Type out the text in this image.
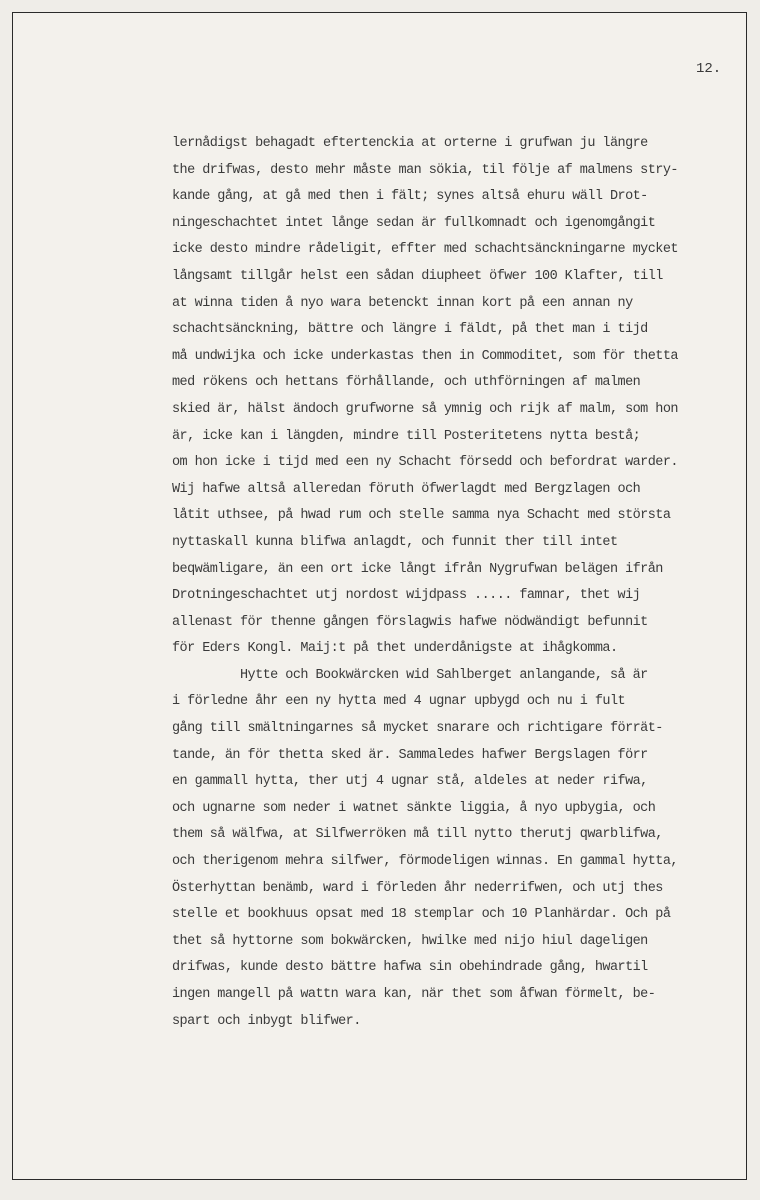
12.
lernådigst behagadt eftertenckia at orterne i grufwan ju längre
the drifwas, desto mehr måste man sökia, til följe af malmens stry-
kande gång, at gå med then i fält; synes altså ehuru wäll Drot-
ningeschachtet intet långe sedan är fullkomnadt och igenomgångit
icke desto mindre rådeligit, effter med schachtsänckningarne mycket
långsamt tillgår helst een sådan diupheet öfwer 100 Klafter, till
at winna tiden å nyo wara betenckt innan kort på een annan ny
schachtsänckning, bättre och längre i fäldt, på thet man i tijd
må undwijka och icke underkastas then in Commoditet, som för thetta
med rökens och hettans förhållande, och uthförningen af malmen
skied är, hälst ändoch grufworne så ymnig och rijk af malm, som hon
är, icke kan i längden, mindre till Posteritetens nytta bestå;
om hon icke i tijd med een ny Schacht försedd och befordrat warder.
Wij hafwe altså alleredan föruth öfwerlagdt med Bergzlagen och
låtit uthsee, på hwad rum och stelle samma nya Schacht med största
nyttaskall kunna blifwa anlagdt, och funnit ther till intet
beqwämligare, än een ort icke långt ifrån Nygrufwan belägen ifrån
Drotningeschachtet utj nordost wijdpass ..... famnar, thet wij
allenast för thenne gången förslagwis hafwe nödwändigt befunnit
för Eders Kongl. Maij:t på thet underdånigste at ihågkomma.
Hytte och Bookwärcken wid Sahlberget anlangande, så är
i förledne åhr een ny hytta med 4 ugnar upbygd och nu i fult
gång till smältningarnes så mycket snarare och richtigare förrät-
tande, än för thetta sked är. Sammaledes hafwer Bergslagen förr
en gammall hytta, ther utj 4 ugnar stå, aldeles at neder rifwa,
och ugnarne som neder i watnet sänkte liggia, å nyo upbygia, och
them så wälfwa, at Silfwerröken må till nytto therutj qwarblifwa,
och therigenom mehra silfwer, förmodeligen winnas. En gammal hytta,
Österhyttan benämb, ward i förleden åhr nederrifwen, och utj thes
stelle et bookhuus opsat med 18 stemplar och 10 Planhärdar. Och på
thet så hyttorne som bokwärcken, hwilke med nijo hiul dageligen
drifwas, kunde desto bättre hafwa sin obehindrade gång, hwartil
ingen mangell på wattn wara kan, när thet som åfwan förmelt, be-
spart och inbygt blifwer.
